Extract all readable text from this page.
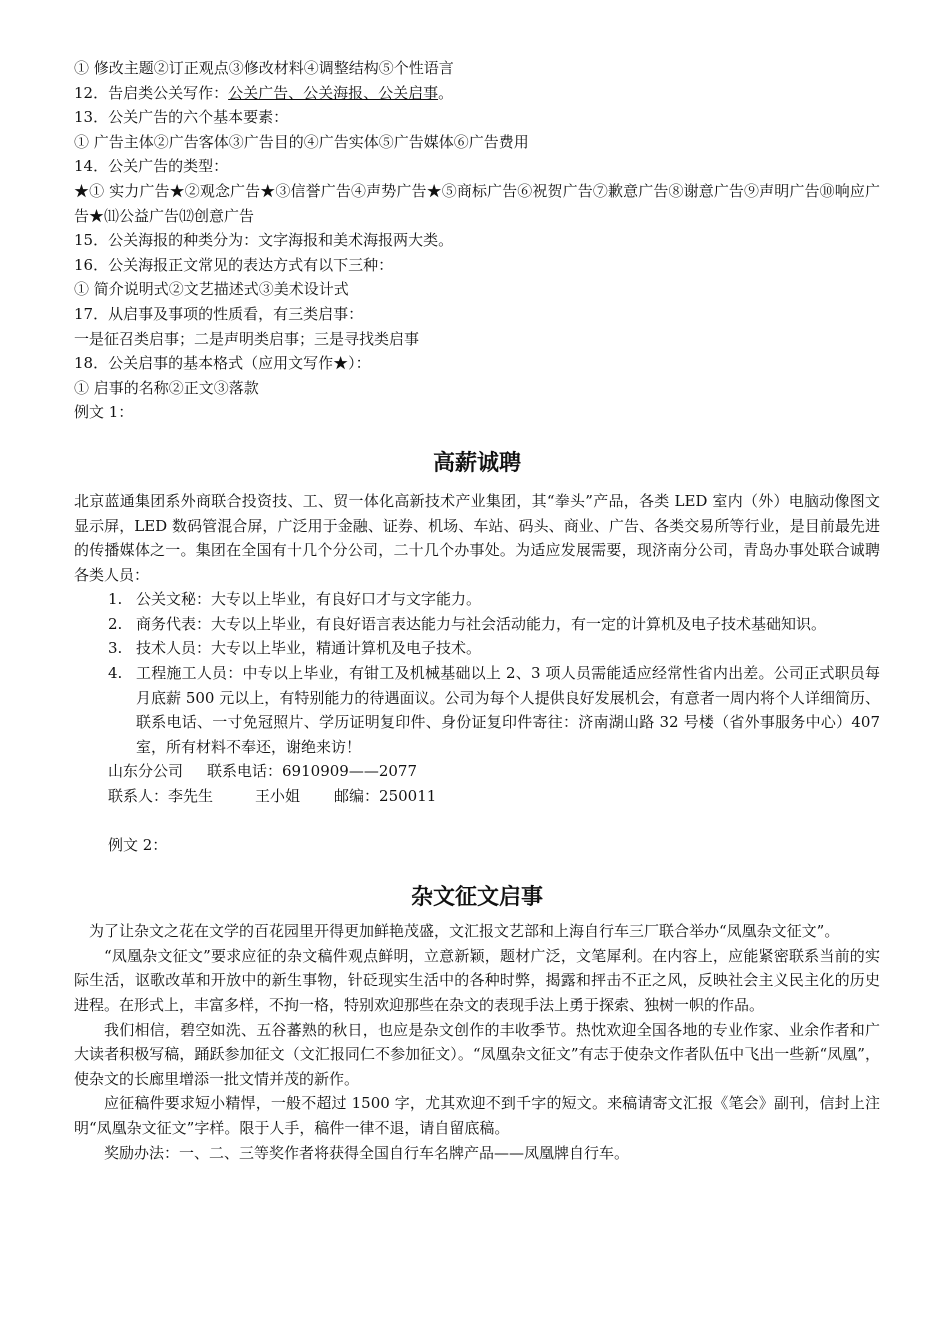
① 修改主题②订正观点③修改材料④调整结构⑤个性语言
12．告启类公关写作：公关广告、公关海报、公关启事。
13．公关广告的六个基本要素：
① 广告主体②广告客体③广告目的④广告实体⑤广告媒体⑥广告费用
14．公关广告的类型：
★① 实力广告★②观念广告★③信誉广告④声势广告★⑤商标广告⑥祝贺广告⑦歉意广告⑧谢意广告⑨声明广告⑩响应广告★⑾公益广告⑿创意广告
15．公关海报的种类分为：文字海报和美术海报两大类。
16．公关海报正文常见的表达方式有以下三种：
① 简介说明式②文艺描述式③美术设计式
17．从启事及事项的性质看，有三类启事：
一是征召类启事；二是声明类启事；三是寻找类启事
18．公关启事的基本格式（应用文写作★）：
① 启事的名称②正文③落款
例文 1：
高薪诚聘
北京蓝通集团系外商联合投资技、工、贸一体化高新技术产业集团，其“拳头”产品，各类 LED 室内（外）电脑动像图文显示屏，LED 数码管混合屏，广泛用于金融、证券、机场、车站、码头、商业、广告、各类交易所等行业，是目前最先进的传播媒体之一。集团在全国有十几个分公司，二十几个办事处。为适应发展需要，现济南分公司，青岛办事处联合诚聘各类人员：
1. 公关文秘：大专以上毕业，有良好口才与文字能力。
2. 商务代表：大专以上毕业，有良好语言表达能力与社会活动能力，有一定的计算机及电子技术基础知识。
3. 技术人员：大专以上毕业，精通计算机及电子技术。
4. 工程施工人员：中专以上毕业，有钳工及机械基础以上 2、3 项人员需能适应经常性省内出差。公司正式职员每月底薪 500 元以上，有特别能力的待遇面议。公司为每个人提供良好发展机会，有意者一周内将个人详细简历、联系电话、一寸免冠照片、学历证明复印件、身份证复印件寄往：济南湖山路 32 号楼（省外事服务中心）407 室，所有材料不奉还，谢绝来访！
山东分公司 联系电话：6910909——2077
联系人：李先生	王小姐 邮编：250011
例文 2：
杂文征文启事
为了让杂文之花在文学的百花园里开得更加鲜艳茂盛，文汇报文艺部和上海自行车三厂联合举办“凤凰杂文征文”。
“凤凰杂文征文”要求应征的杂文稿件观点鲜明，立意新颖，题材广泛，文笔犀利。在内容上，应能紧密联系当前的实际生活，讴歌改革和开放中的新生事物，针砭现实生活中的各种时弊，揭露和抨击不正之风，反映社会主义民主化的历史进程。在形式上，丰富多样，不拘一格，特别欢迎那些在杂文的表现手法上勇于探索、独树一帜的作品。
我们相信，碧空如洗、五谷蕃熟的秋日，也应是杂文创作的丰收季节。热忱欢迎全国各地的专业作家、业余作者和广大读者积极写稿，踊跃参加征文（文汇报同仁不参加征文）。“凤凰杂文征文”有志于使杂文作者队伍中飞出一些新“凤凰”，使杂文的长廊里增添一批文情并茂的新作。
应征稿件要求短小精悍，一般不超过 1500 字，尤其欢迎不到千字的短文。来稿请寄文汇报《笔会》副刊，信封上注明“凤凰杂文征文”字样。限于人手，稿件一律不退，请自留底稿。
奖励办法：一、二、三等奖作者将获得全国自行车名牌产品——凤凰牌自行车。
